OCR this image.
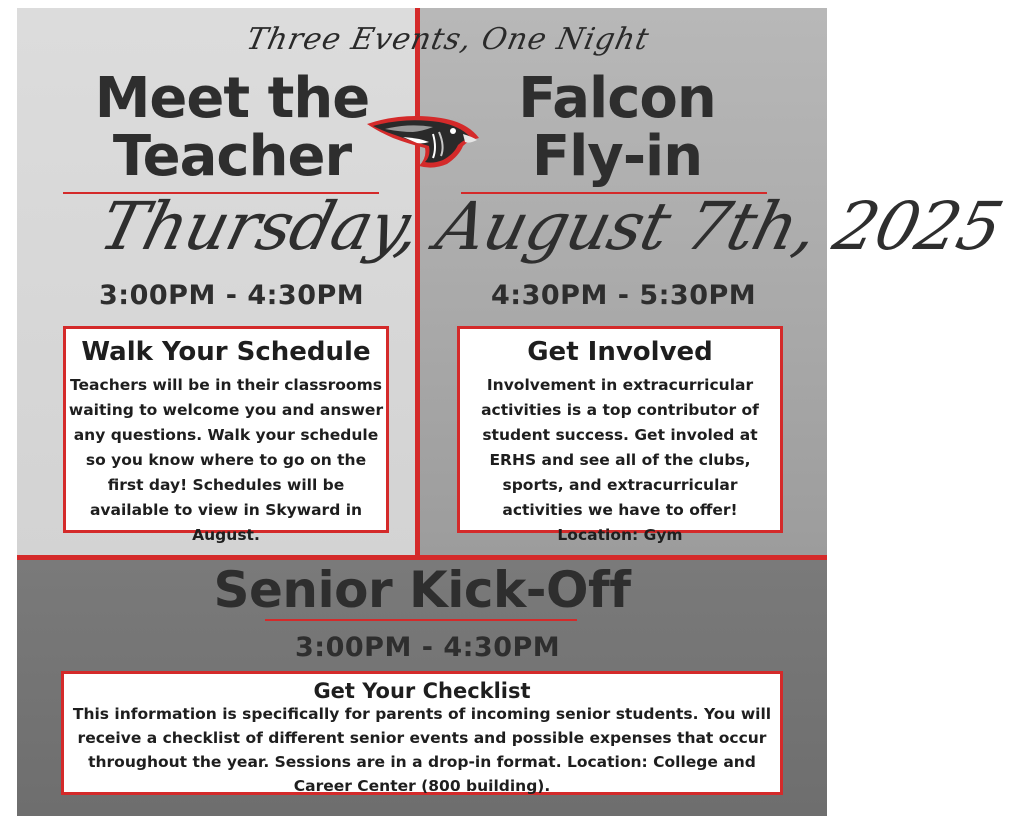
Three Events, One Night
Meet the
Teacher
Falcon
Fly-in
Thursday, August 7th, 2025
3:00PM - 4:30PM	4:30PM - 5:30PM
Walk Your Schedule

Teachers will be in their classrooms waiting to welcome you and answer any questions. Walk your schedule so you know where to go on the first day! Schedules will be available to view in Skyward in August.

Get Involved

Involvement in extracurricular activities is a top contributor of student success. Get involed at ERHS and see all of the clubs, sports, and extracurricular activities we have to offer! Location: Gym

Senior Kick-Off
3:00PM - 4:30PM
Get Your Checklist

This information is specifically for parents of incoming senior students. You will receive a checklist of different senior events and possible expenses that occur throughout the year. Sessions are in a drop-in format. Location: College and Career Center (800 building).
